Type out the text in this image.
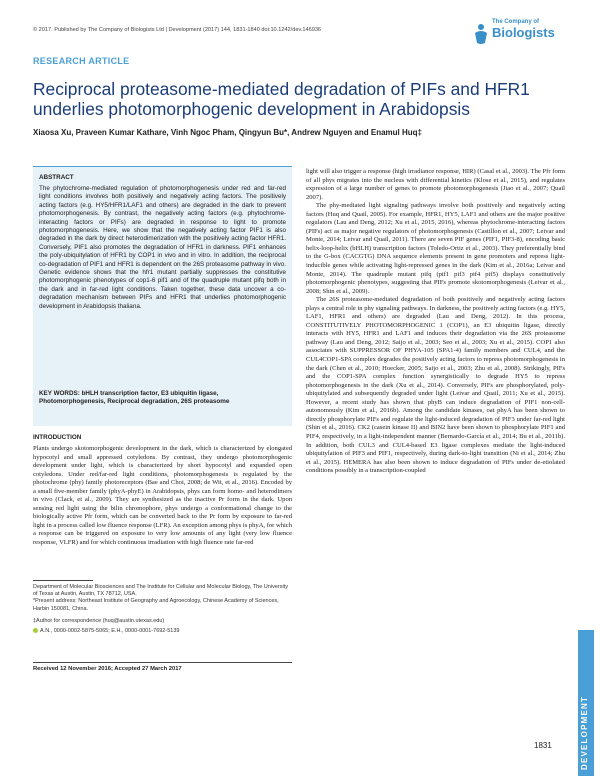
© 2017. Published by The Company of Biologists Ltd | Development (2017) 144, 1831-1840 doi:10.1242/dev.146936
The Company of
Biologists
RESEARCH ARTICLE
Reciprocal proteasome-mediated degradation of PIFs and HFR1 underlies photomorphogenic development in Arabidopsis
Xiaosa Xu, Praveen Kumar Kathare, Vinh Ngoc Pham, Qingyun Bu*, Andrew Nguyen and Enamul Huq‡
ABSTRACT
The phytochrome-mediated regulation of photomorphogenesis under red and far-red light conditions involves both positively and negatively acting factors. The positively acting factors (e.g. HY5/HFR1/LAF1 and others) are degraded in the dark to prevent photomorphogenesis. By contrast, the negatively acting factors (e.g. phytochrome-interacting factors or PIFs) are degraded in response to light to promote photomorphogenesis. Here, we show that the negatively acting factor PIF1 is also degraded in the dark by direct heterodimerization with the positively acting factor HFR1. Conversely, PIF1 also promotes the degradation of HFR1 in darkness. PIF1 enhances the poly-ubiquitylation of HFR1 by COP1 in vivo and in vitro. In addition, the reciprocal co-degradation of PIF1 and HFR1 is dependent on the 26S proteasome pathway in vivo. Genetic evidence shows that the hfr1 mutant partially suppresses the constitutive photomorphogenic phenotypes of cop1-6 pif1 and of the quadruple mutant pifq both in the dark and in far-red light conditions. Taken together, these data uncover a co-degradation mechanism between PIFs and HFR1 that underlies photomorphogenic development in Arabidopsis thaliana.
KEY WORDS: bHLH transcription factor, E3 ubiquitin ligase, Photomorphogenesis, Reciprocal degradation, 26S proteasome
INTRODUCTION

Plants undergo skotomorphogenic development in the dark, which is characterized by elongated hypocotyl and small appressed cotyledons. By contrast, they undergo photomorphogenic development under light, which is characterized by short hypocotyl and expanded open cotyledons. Under red/far-red light conditions, photomorphogenesis is regulated by the photochrome (phy) family photoreceptors (Bae and Choi, 2008; de Wit, et al., 2016). Encoded by a small five-member family (phyA-phyE) in Arabidopsis, phys can form homo- and heterodimers in vivo (Clack, et al., 2009). They are synthesized as the inactive Pr form in the dark. Upon sensing red light using the bilin chromophore, phys undergo a conformational change to the biologically active Pfr form, which can be converted back to the Pr form by exposure to far-red light in a process called low fluence response (LFR). An exception among phys is phyA, for which a response can be triggered on exposure to very low amounts of any light (very low fluence response, VLFR) and for which continuous irradiation with high fluence rate far-red

light will also trigger a response (high irradiance response, HIR) (Casal et al., 2003). The Pfr form of all phys migrates into the nucleus with differential kinetics (Klose et al., 2015), and regulates expression of a large number of genes to promote photomorphogenesis (Jiao et al., 2007; Quail 2007).

The phy-mediated light signaling pathways involve both positively and negatively acting factors (Huq and Quail, 2005). For example, HFR1, HY5, LAF1 and others are the major positive regulators (Lau and Deng, 2012; Xu et al., 2015, 2016), whereas phytochrome-interacting factors (PIFs) act as major negative regulators of photomorphogenesis (Castillon et al., 2007; Leivar and Monte, 2014; Leivar and Quail, 2011). There are seven PIF genes (PIF1, PIF3-8), encoding basic helix-loop-helix (bHLH) transcription factors (Toledo-Ortiz et al., 2003). They preferentially bind to the G-box (CACGTG) DNA sequence elements present in gene promoters and repress light-inducible genes while activating light-repressed genes in the dark (Kim et al., 2016a; Leivar and Monte, 2014). The quadruple mutant pifq (pif1 pif3 pif4 pif5) displays constitutively photomorphogenic phenotypes, suggesting that PIFs promote skotomorphogenesis (Leivar et al., 2008; Shin et al., 2009).

The 26S proteasome-mediated degradation of both positively and negatively acting factors plays a central role in phy signaling pathways. In darkness, the positively acting factors (e.g. HY5, LAF1, HFR1 and others) are degraded (Lau and Deng, 2012). In this process, CONSTITUTIVELY PHOTOMORPHOGENIC 1 (COP1), an E3 ubiquitin ligase, directly interacts with HY5, HFR1 and LAF1 and induces their degradation via the 26S proteasome pathway (Lau and Deng, 2012; Saijo et al., 2003; Seo et al., 2003; Xu et al., 2015). COP1 also associates with SUPPRESSOR OF PHYA-105 (SPA1-4) family members and CUL4, and the CUL4COP1-SPA complex degrades the positively acting factors to repress photomorphogenesis in the dark (Chen et al., 2010; Hoecker, 2005; Saijo et al., 2003; Zhu et al., 2008). Strikingly, PIFs and the COP1-SPA complex function synergistically to degrade HY5 to repress photomorphogenesis in the dark (Xu et al., 2014). Conversely, PIFs are phosphorylated, poly-ubiquitylated and subsequently degraded under light (Leivar and Quail, 2011; Xu et al., 2015). However, a recent study has shown that phyB can induce degradation of PIF1 non-cell-autonomously (Kim et al., 2016b). Among the candidate kinases, oat phyA has been shown to directly phosphorylate PIFs and regulate the light-induced degradation of PIF3 under far-red light (Shin et al., 2016). CK2 (casein kinase II) and BIN2 have been shown to phosphorylate PIF1 and PIF4, respectively, in a light-independent manner (Bernardo-García et al., 2014; Bu et al., 2011b). In addition, both CUL3 and CUL4-based E3 ligase complexes mediate the light-induced ubiquitylation of PIF3 and PIF1, respectively, during dark-to-light transition (Ni et al., 2014; Zhu et al., 2015). HEMERA has also been shown to induce degradation of PIFs under de-etiolated conditions possibly in a transcription-coupled

Department of Molecular Biosciences and The Institute for Cellular and Molecular Biology, The University of Texas at Austin, Austin, TX 78712, USA.
*Present address: Northeast Institute of Geography and Agroecology, Chinese Academy of Sciences, Harbin 150081, China.
‡Author for correspondence (huq@austin.utexas.edu)
A.N., 0000-0002-5875-5065; E.H., 0000-0001-7692-5139
Received 12 November 2016; Accepted 27 March 2017
1831	DEVELOPMENT
